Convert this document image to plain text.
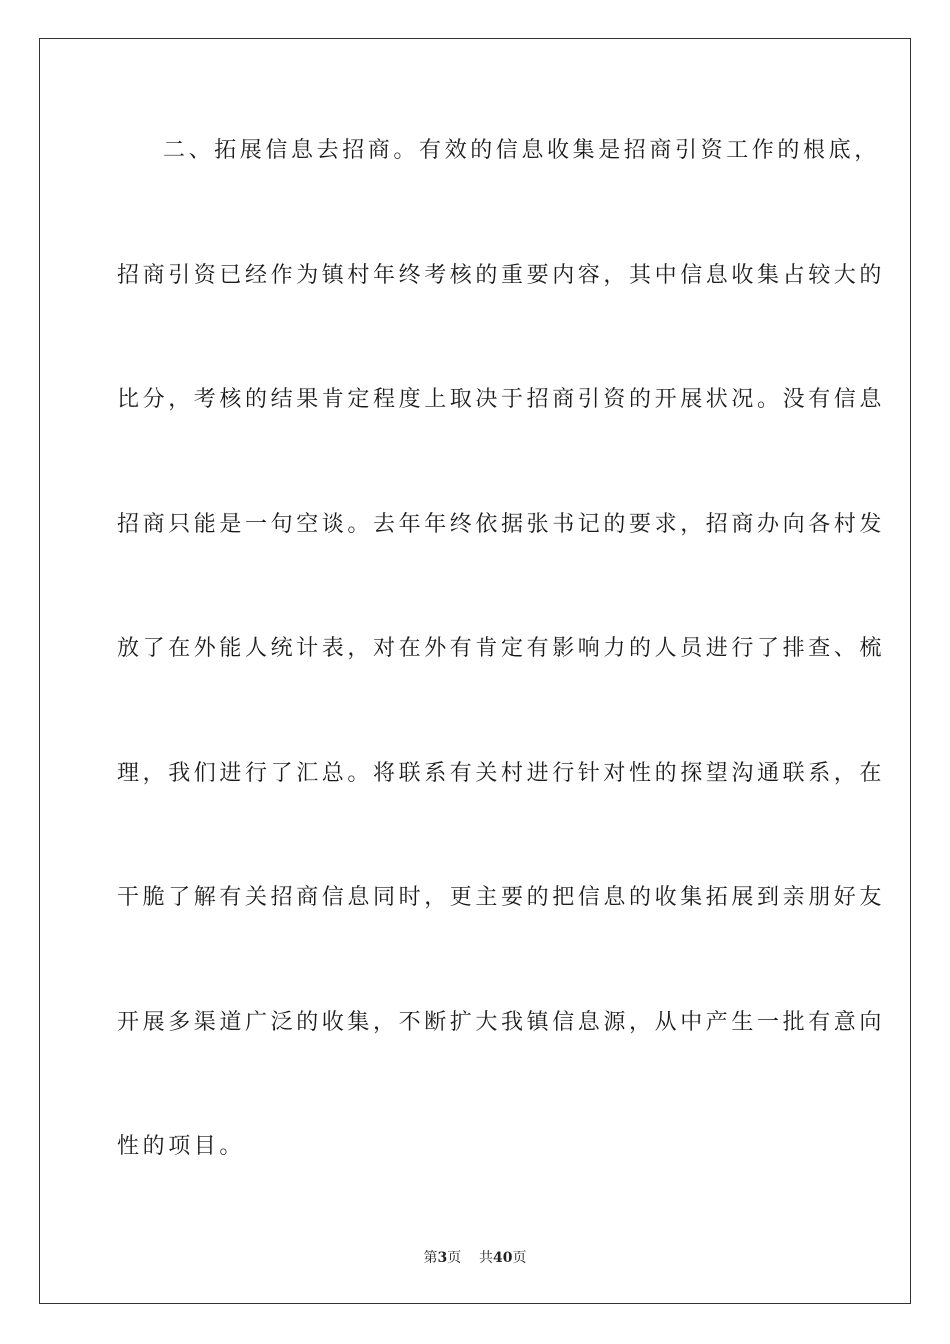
二、拓展信息去招商。有效的信息收集是招商引资工作的根底，
招商引资已经作为镇村年终考核的重要内容，其中信息收集占较大的
比分，考核的结果肯定程度上取决于招商引资的开展状况。没有信息
招商只能是一句空谈。去年年终依据张书记的要求，招商办向各村发
放了在外能人统计表，对在外有肯定有影响力的人员进行了排查、梳
理，我们进行了汇总。将联系有关村进行针对性的探望沟通联系，在
干脆了解有关招商信息同时，更主要的把信息的收集拓展到亲朋好友
开展多渠道广泛的收集，不断扩大我镇信息源，从中产生一批有意向
性的项目。
第3页 共40页
